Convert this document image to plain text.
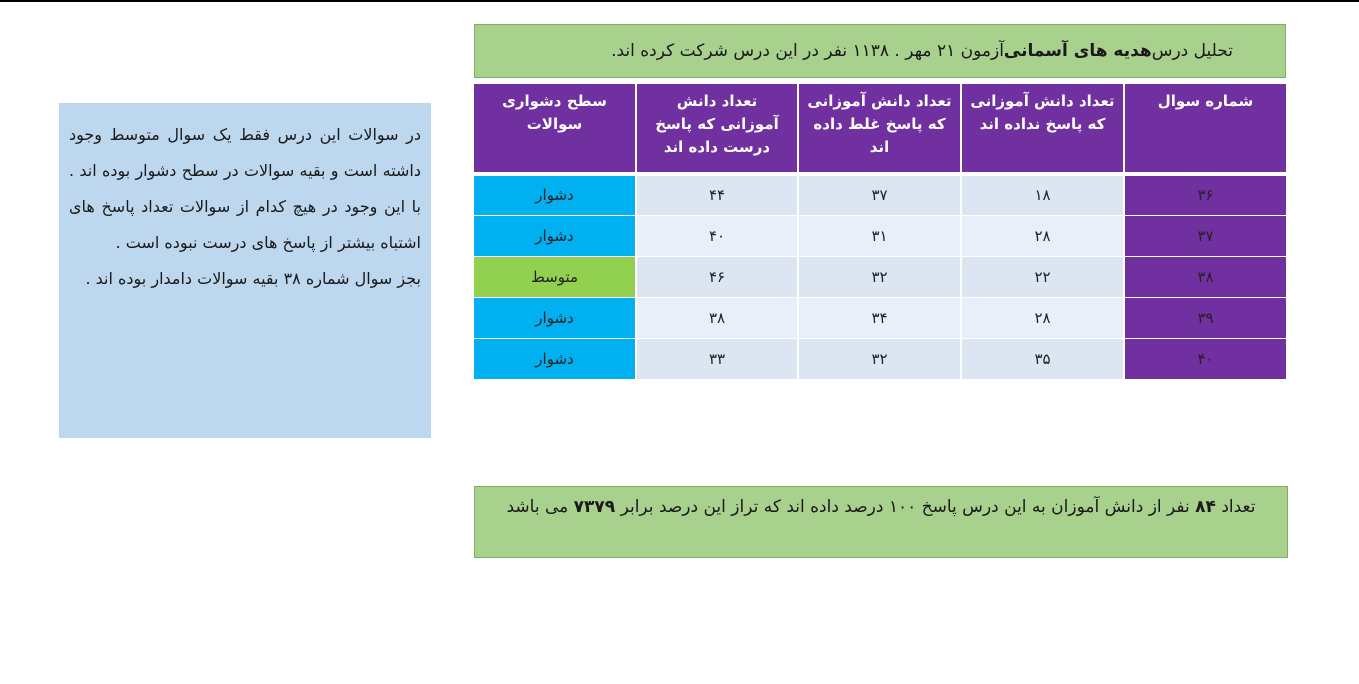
تحلیل درس
هدیه های آسمانی
آزمون ۲۱ مهر . ۱۱۳۸ نفر در این درس شرکت کرده اند.
شماره سوال	تعداد دانش آموزانی که پاسخ نداده اند	تعداد دانش آموزانی که پاسخ غلط داده اند	تعداد دانش آموزانی که پاسخ درست داده اند	سطح دشواری سوالات
۳۶	۱۸	۳۷	۴۴	دشوار
۳۷	۲۸	۳۱	۴۰	دشوار
۳۸	۲۲	۳۲	۴۶	متوسط
۳۹	۲۸	۳۴	۳۸	دشوار
۴۰	۳۵	۳۲	۳۳	دشوار

در سوالات این درس فقط یک سوال متوسط وجود داشته است و بقیه سوالات در سطح دشوار بوده اند . با این وجود در هیچ کدام از سوالات تعداد پاسخ های اشتباه بیشتر از پاسخ های درست نبوده است .

بجز سوال شماره ۳۸ بقیه سوالات دامدار بوده اند .

تعداد ۸۴ نفر از دانش آموزان به این درس پاسخ ۱۰۰ درصد داده اند که تراز این درصد برابر ۷۳۷۹ می باشد
